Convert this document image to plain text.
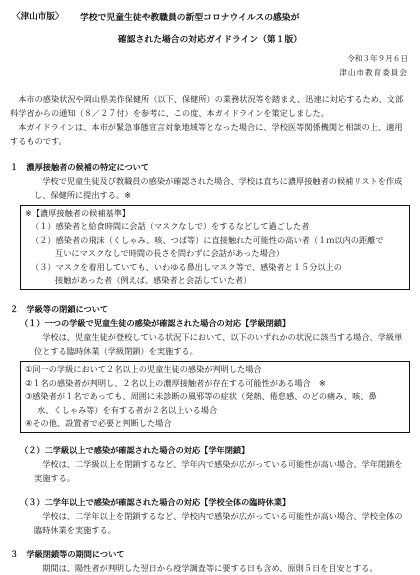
〈津山市版〉 学校で児童生徒や教職員の新型コロナウイルスの感染が
確認された場合の対応ガイドライン（第１版）
令和３年９月６日
津山市教育委員会

本市の感染状況や岡山県美作保健所（以下、保健所）の業務状況等を踏まえ、迅速に対応するため、文部科学省からの通知（８／２７付）を参考に、この度、本ガイドラインを策定しました。

本ガイドラインは、本市が緊急事態宣言対象地域等となった場合に、学校医等関係機関と相談の上、適用するものです。

１　濃厚接触者の候補の特定について

学校で児童生徒及び教職員の感染が確認された場合、学校は直ちに濃厚接触者の候補リストを作成し、保健所に提出する。※

※【濃厚接触者の候補基準】
（１）感染者と給食時間に会話（マスクなしで）をするなどして過ごした者
（２）感染者の飛沫（くしゃみ、咳、つば等）に直接触れた可能性の高い者（１ｍ以内の距離で
互いにマスクなしで時間の長さを問わずに会話があった場合）
（３）マスクを着用していても、いわゆる鼻出しマスク等で、感染者と１５分以上の
接触があった者（例えば、感染者と会話していた者）
２　学級等の閉鎖について
（１）一つの学級で児童生徒の感染が確認された場合の対応【学級閉鎖】

学校は、児童生徒が登校している状況下において、以下のいずれかの状況に該当する場合、学級単位とする臨時休業（学級閉鎖）を実施する。

①同一の学級において２名以上の児童生徒の感染が判明した場合
②１名の感染者が判明し、２名以上の濃厚接触者が存在する可能性がある場合　※
③感染者が１名であっても、周囲に未診断の風邪等の症状（発熱、倦怠感、のどの痛み、咳、鼻
水、くしゃみ等）を有する者が２名以上いる場合
④その他、設置者で必要と判断した場合
（２）二学級以上で感染が確認された場合の対応【学年閉鎖】

学校は、二学級以上を閉鎖するなど、学年内で感染が広がっている可能性が高い場合、学年閉鎖を実施する。

（３）二学年以上で感染が確認された場合の対応【学校全体の臨時休業】

学校は、二学年以上を閉鎖するなど、学校内で感染が広がっている可能性が高い場合、学校全体の臨時休業を実施する。

３　学級閉鎖等の期間について

期間は、陽性者が判明した翌日から疫学調査等に要する日も含め、原則５日を目安とする。
